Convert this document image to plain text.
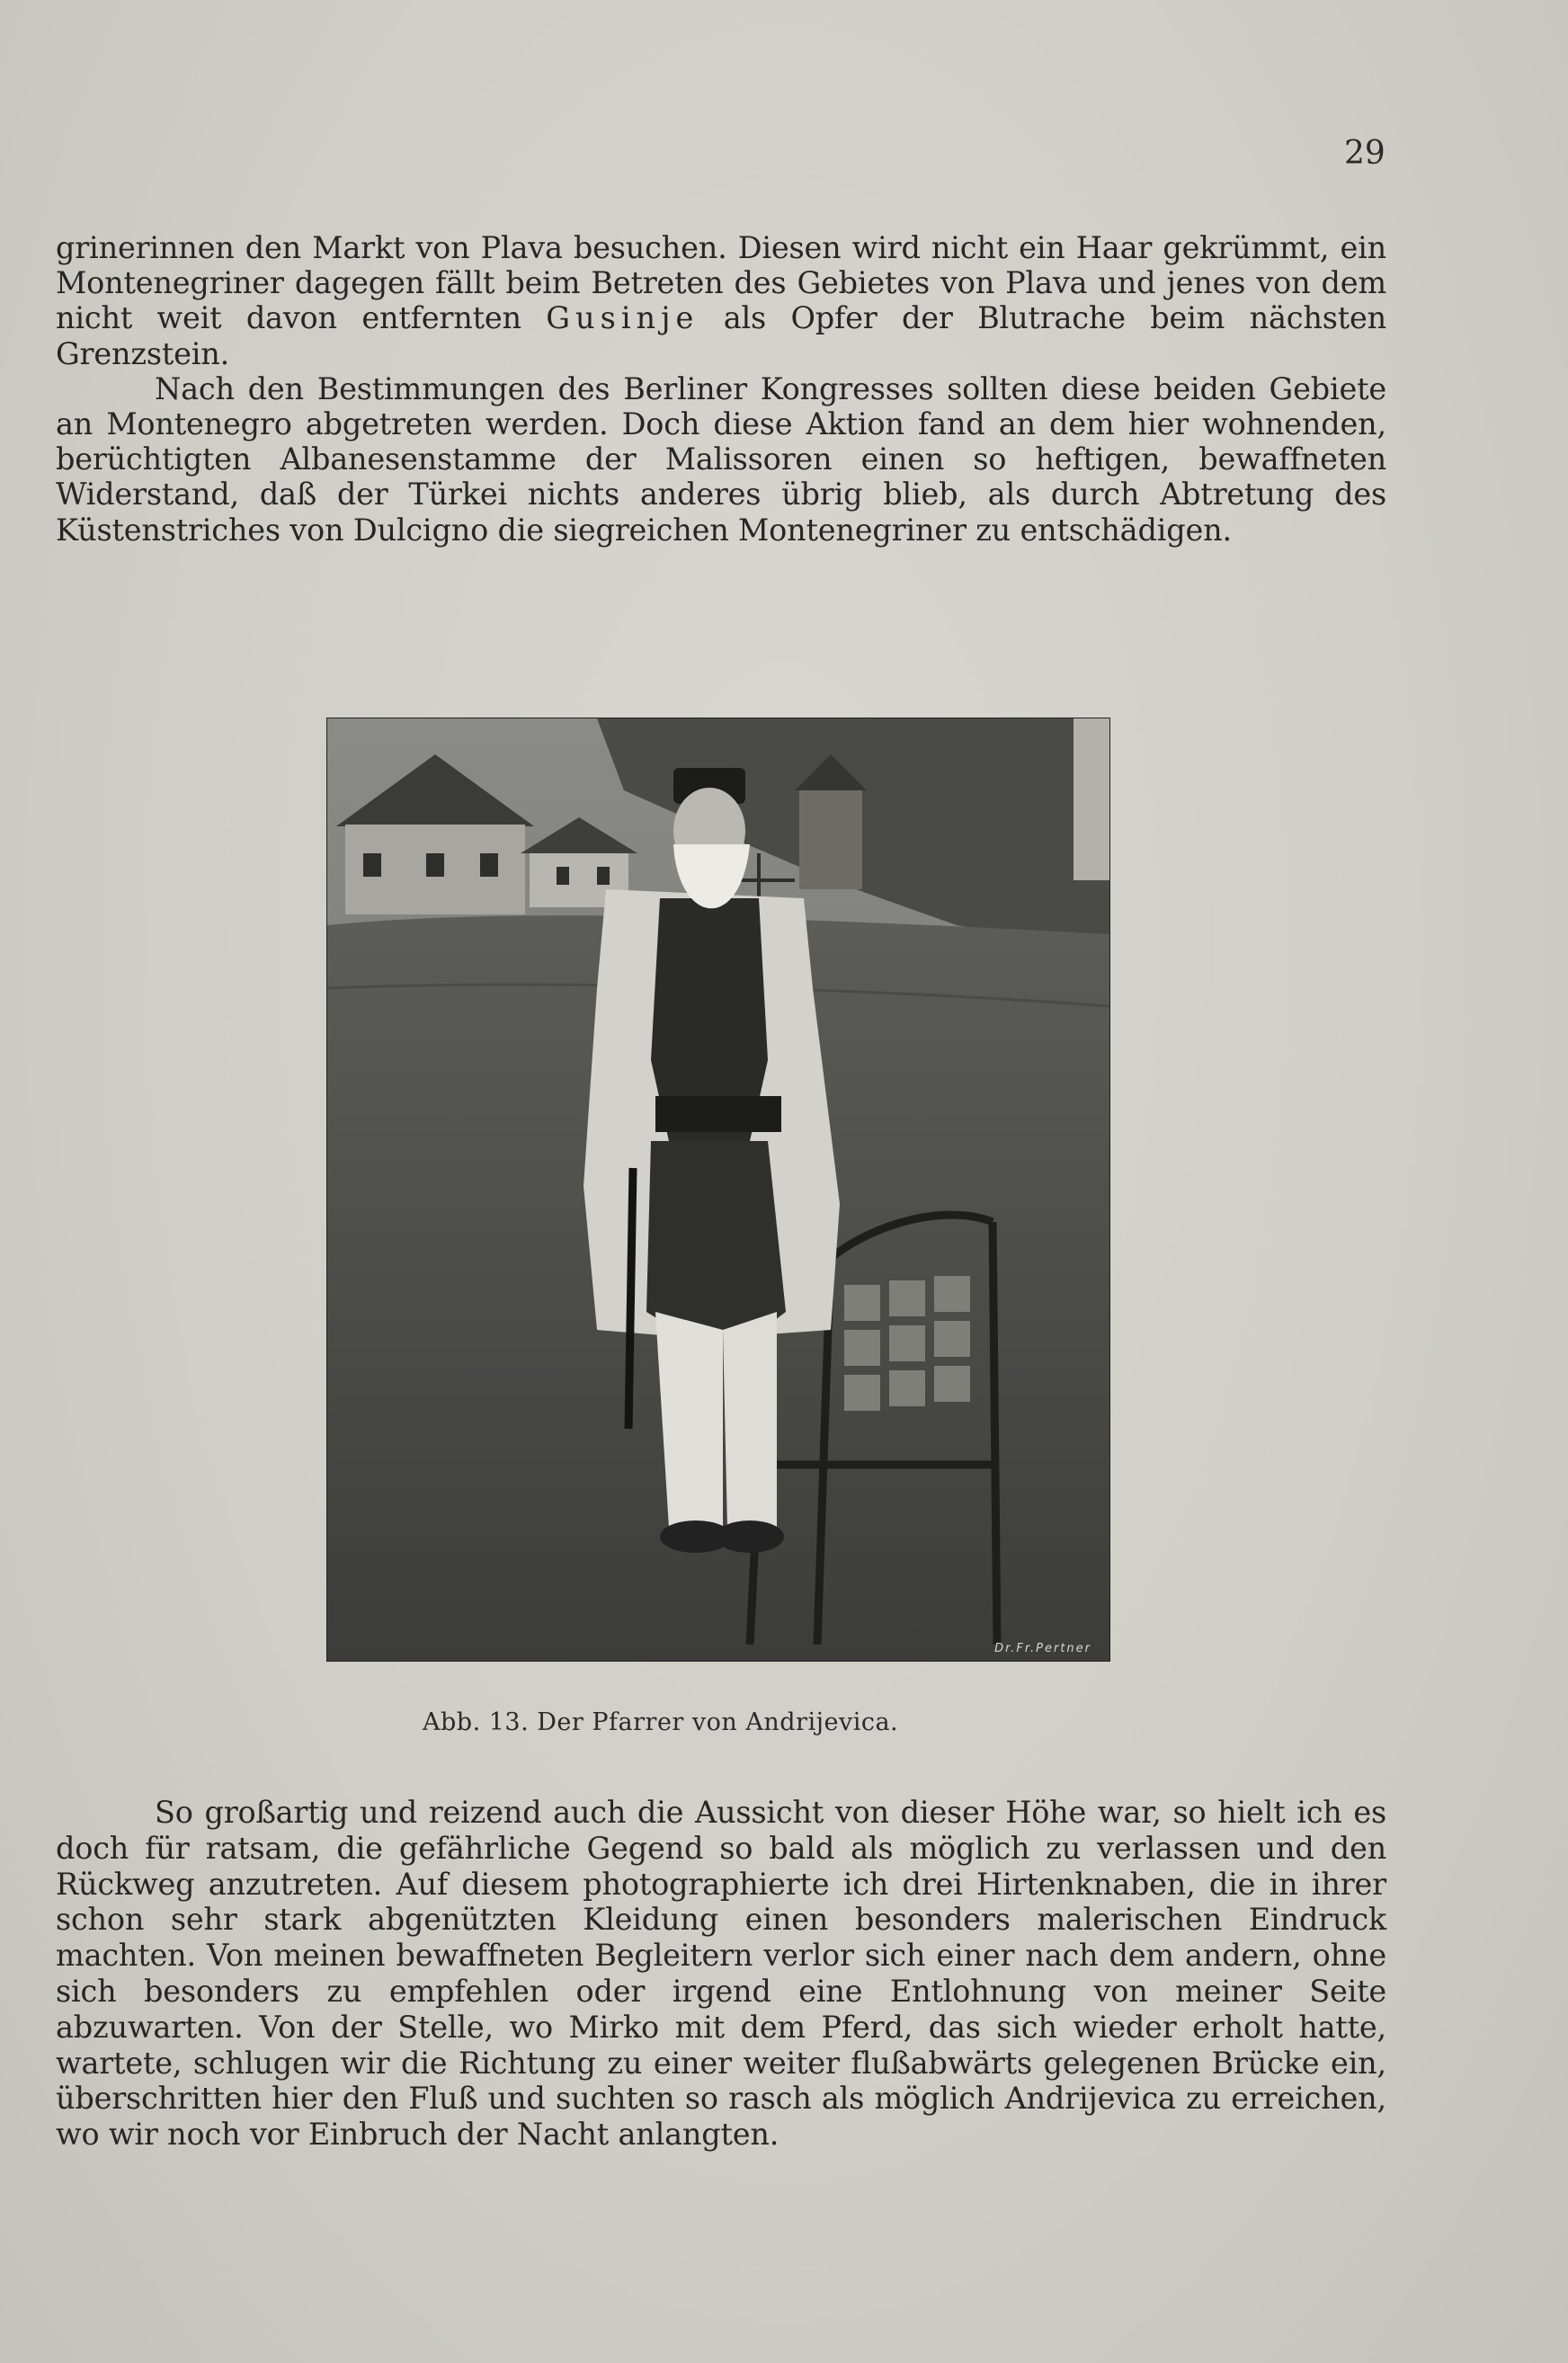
29

grinerinnen den Markt von Plava besuchen. Diesen wird nicht ein Haar gekrümmt, ein Montenegriner dagegen fällt beim Betreten des Gebietes von Plava und jenes von dem nicht weit davon entfernten Gusinje als Opfer der Blutrache beim nächsten Grenzstein.

Nach den Bestimmungen des Berliner Kongresses sollten diese beiden Gebiete an Montenegro abgetreten werden. Doch diese Aktion fand an dem hier wohnenden, berüchtigten Albanesenstamme der Malissoren einen so heftigen, bewaffneten Widerstand, daß der Türkei nichts anderes übrig blieb, als durch Abtretung des Küstenstriches von Dulcigno die siegreichen Montenegriner zu entschädigen.

Dr.Fr.Pertner
Abb. 13. Der Pfarrer von Andrijevica.

So großartig und reizend auch die Aussicht von dieser Höhe war, so hielt ich es doch für ratsam, die gefährliche Gegend so bald als möglich zu verlassen und den Rückweg anzutreten. Auf diesem photographierte ich drei Hirtenknaben, die in ihrer schon sehr stark abgenützten Kleidung einen besonders malerischen Eindruck machten. Von meinen bewaffneten Begleitern verlor sich einer nach dem andern, ohne sich besonders zu empfehlen oder irgend eine Entlohnung von meiner Seite abzuwarten. Von der Stelle, wo Mirko mit dem Pferd, das sich wieder erholt hatte, wartete, schlugen wir die Richtung zu einer weiter flußabwärts gelegenen Brücke ein, überschritten hier den Fluß und suchten so rasch als möglich Andrijevica zu erreichen, wo wir noch vor Einbruch der Nacht anlangten.
